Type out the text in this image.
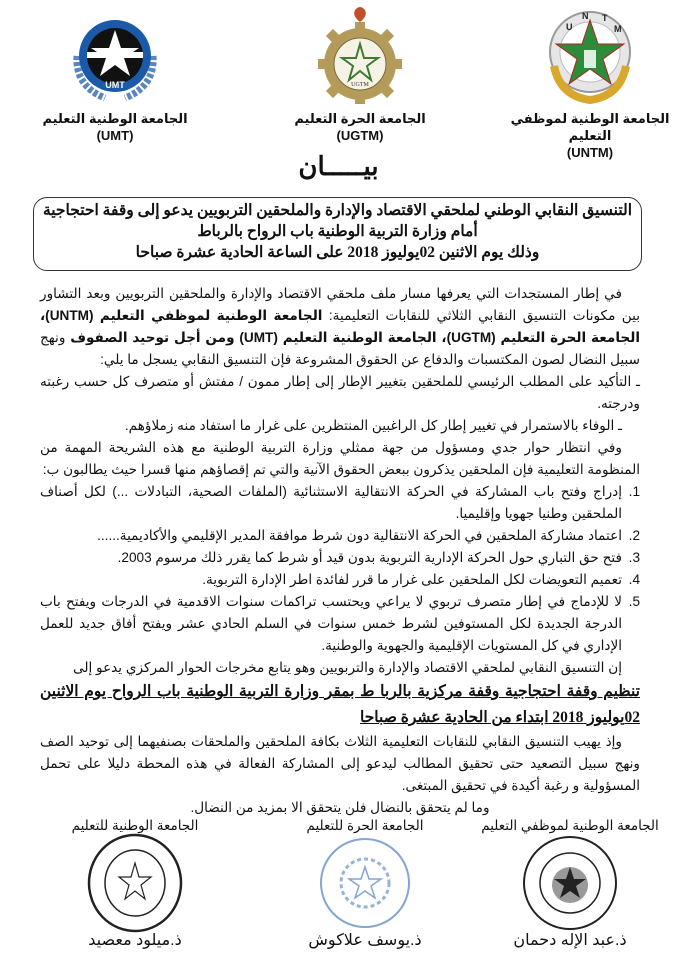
U
N T
M
الجامعة الوطنية لموظفي التعليم
(UNTM)
UGTM
الجامعة الحرة التعليم
(UGTM)
UMT
الجامعة الوطنية التعليم
(UMT)
بيـــــان
التنسيق النقابي الوطني لملحقي الاقتصاد والإدارة والملحقين التربويين يدعو إلى وقفة احتجاجية
أمام وزارة التربية الوطنية باب الرواح بالرباط
وذلك يوم الاثنين 02يوليوز 2018 على الساعة الحادية عشرة صباحا

في إطار المستجدات التي يعرفها مسار ملف ملحقي الاقتصاد والإدارة والملحقين التربويين وبعد التشاور بين مكونات التنسيق النقابي الثلاثي للنقابات التعليمية: الجامعة الوطنية لموظفي التعليم (UNTM)، الجامعة الحرة التعليم (UGTM)، الجامعة الوطنية التعليم (UMT) ومن أجل توحيد الصفوف ونهج سبيل النضال لصون المكتسبات والدفاع عن الحقوق المشروعة فإن التنسيق النقابي يسجل ما يلي:

ـ التأكيد على المطلب الرئيسي للملحقين بتغيير الإطار إلى إطار ممون / مفتش أو متصرف كل حسب رغبته ودرجته.

ـ الوفاء بالاستمرار في تغيير إطار كل الراغبين المنتظرين على غرار ما استفاد منه زملاؤهم.

وفي انتظار حوار جدي ومسؤول من جهة ممثلي وزارة التربية الوطنية مع هذه الشريحة المهمة من المنظومة التعليمية فإن الملحقين يذكرون ببعض الحقوق الآنية والتي تم إقصاؤهم منها قسرا حيث يطالبون ب:

1.
إدراج وفتح باب المشاركة في الحركة الانتقالية الاستثنائية (الملفات الصحية، التبادلات ...) لكل أصناف الملحقين وطنيا جهويا وإقليميا.
2.
اعتماد مشاركة الملحقين في الحركة الانتقالية دون شرط موافقة المدير الإقليمي والأكاديمية......
3.
فتح حق التباري حول الحركة الإدارية التربوية بدون قيد أو شرط كما يقرر ذلك مرسوم 2003.
4.
تعميم التعويضات لكل الملحقين على غرار ما قرر لفائدة اطر الإدارة التربوية.
5.
لا للإدماج في إطار متصرف تربوي لا يراعي ويحتسب تراكمات سنوات الاقدمية في الدرجات ويفتح باب الدرجة الجديدة لكل المستوفين لشرط خمس سنوات في السلم الحادي عشر ويفتح أفاق جديد للعمل الإداري في كل المستويات الإقليمية والجهوية والوطنية.

إن التنسيق النقابي لملحقي الاقتصاد والإدارة والتربويين وهو يتابع مخرجات الحوار المركزي يدعو إلى

تنظيم وقفة احتجاجية وقفة مركزية بالربا ط بمقر وزارة التربية الوطنية باب الرواح يوم الاثنين 02يوليوز 2018 ابتداء من الحادية عشرة صباحا

وإذ يهيب التنسيق النقابي للنقابات التعليمية الثلاث بكافة الملحقين والملحقات بصنفيهما إلى توحيد الصف ونهج سبيل التصعيد حتى تحقيق المطالب ليدعو إلى المشاركة الفعالة في هذه المحطة دليلا على تحمل المسؤولية و رغبة أكيدة في تحقيق المبتغى.

وما لم يتحقق بالنضال فلن يتحقق الا بمزيد من النضال.

الجامعة الوطنية لموظفي التعليم
ذ.عبد الإله دحمان
الجامعة الحرة للتعليم
ذ.يوسف علاكوش
الجامعة الوطنية للتعليم
ذ.ميلود معصيد
